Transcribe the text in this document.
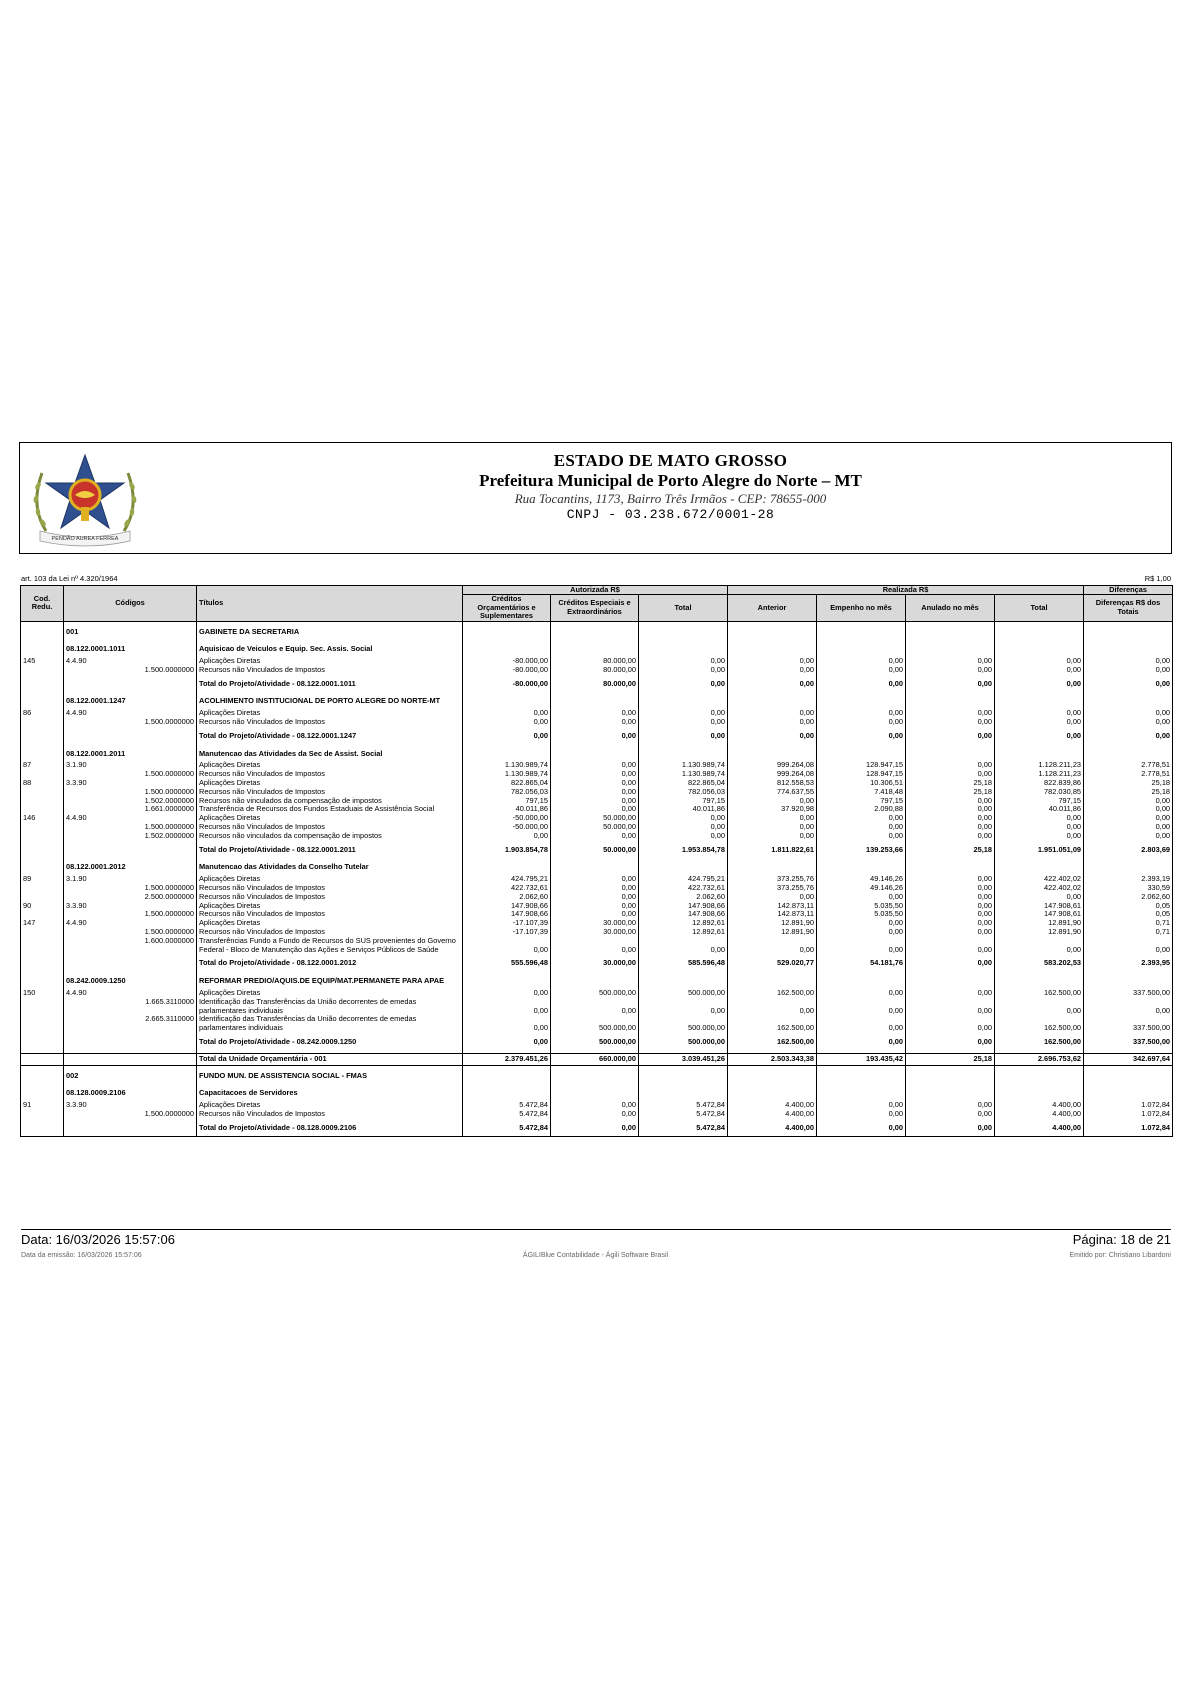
PENDÃO AUREA FERREA
ESTADO DE MATO GROSSO
Prefeitura Municipal de Porto Alegre do Norte – MT
Rua Tocantins, 1173, Bairro Três Irmãos - CEP: 78655-000
CNPJ - 03.238.672/0001-28
art. 103 da Lei nº 4.320/1964	R$ 1,00
Cod. Redu.	Códigos	Títulos	Autorizada R$			Realizada R$				Diferenças
			Créditos Orçamentários e Suplementares	Créditos Especiais e Extraordinários	Total	Anterior	Empenho no mês	Anulado no mês	Total	Diferenças R$ dos Totais

	001	GABINETE DA SECRETARIA								

	08.122.0001.1011	Aquisicao de Veiculos e Equip. Sec. Assis. Social								
145	4.4.90	Aplicações Diretas	-80.000,00	80.000,00	0,00	0,00	0,00	0,00	0,00	0,00
	1.500.0000000	Recursos não Vinculados de Impostos	-80.000,00	80.000,00	0,00	0,00	0,00	0,00	0,00	0,00

		Total do Projeto/Atividade - 08.122.0001.1011	-80.000,00	80.000,00	0,00	0,00	0,00	0,00	0,00	0,00

	08.122.0001.1247	ACOLHIMENTO INSTITUCIONAL DE PORTO ALEGRE DO NORTE-MT								
86	4.4.90	Aplicações Diretas	0,00	0,00	0,00	0,00	0,00	0,00	0,00	0,00
	1.500.0000000	Recursos não Vinculados de Impostos	0,00	0,00	0,00	0,00	0,00	0,00	0,00	0,00

		Total do Projeto/Atividade - 08.122.0001.1247	0,00	0,00	0,00	0,00	0,00	0,00	0,00	0,00

	08.122.0001.2011	Manutencao das Atividades da Sec de Assist. Social								
87	3.1.90	Aplicações Diretas	1.130.989,74	0,00	1.130.989,74	999.264,08	128.947,15	0,00	1.128.211,23	2.778,51
	1.500.0000000	Recursos não Vinculados de Impostos	1.130.989,74	0,00	1.130.989,74	999.264,08	128.947,15	0,00	1.128.211,23	2.778,51
88	3.3.90	Aplicações Diretas	822.865,04	0,00	822.865,04	812.558,53	10.306,51	25,18	822.839,86	25,18
	1.500.0000000	Recursos não Vinculados de Impostos	782.056,03	0,00	782.056,03	774.637,55	7.418,48	25,18	782.030,85	25,18
	1.502.0000000	Recursos não vinculados da compensação de impostos	797,15	0,00	797,15	0,00	797,15	0,00	797,15	0,00
	1.661.0000000	Transferência de Recursos dos Fundos Estaduais de Assistência Social	40.011,86	0,00	40.011,86	37.920,98	2.090,88	0,00	40.011,86	0,00
146	4.4.90	Aplicações Diretas	-50.000,00	50.000,00	0,00	0,00	0,00	0,00	0,00	0,00
	1.500.0000000	Recursos não Vinculados de Impostos	-50.000,00	50.000,00	0,00	0,00	0,00	0,00	0,00	0,00
	1.502.0000000	Recursos não vinculados da compensação de impostos	0,00	0,00	0,00	0,00	0,00	0,00	0,00	0,00

		Total do Projeto/Atividade - 08.122.0001.2011	1.903.854,78	50.000,00	1.953.854,78	1.811.822,61	139.253,66	25,18	1.951.051,09	2.803,69

	08.122.0001.2012	Manutencao das Atividades da Conselho Tutelar								
89	3.1.90	Aplicações Diretas	424.795,21	0,00	424.795,21	373.255,76	49.146,26	0,00	422.402,02	2.393,19
	1.500.0000000	Recursos não Vinculados de Impostos	422.732,61	0,00	422.732,61	373.255,76	49.146,26	0,00	422.402,02	330,59
	2.500.0000000	Recursos não Vinculados de Impostos	2.062,60	0,00	2.062,60	0,00	0,00	0,00	0,00	2.062,60
90	3.3.90	Aplicações Diretas	147.908,66	0,00	147.908,66	142.873,11	5.035,50	0,00	147.908,61	0,05
	1.500.0000000	Recursos não Vinculados de Impostos	147.908,66	0,00	147.908,66	142.873,11	5.035,50	0,00	147.908,61	0,05
147	4.4.90	Aplicações Diretas	-17.107,39	30.000,00	12.892,61	12.891,90	0,00	0,00	12.891,90	0,71
	1.500.0000000	Recursos não Vinculados de Impostos	-17.107,39	30.000,00	12.892,61	12.891,90	0,00	0,00	12.891,90	0,71
	1.600.0000000	Transferências Fundo a Fundo de Recursos do SUS provenientes do Governo Federal - Bloco de Manutenção das Ações e Serviços Públicos de Saúde	0,00	0,00	0,00	0,00	0,00	0,00	0,00	0,00

		Total do Projeto/Atividade - 08.122.0001.2012	555.596,48	30.000,00	585.596,48	529.020,77	54.181,76	0,00	583.202,53	2.393,95

	08.242.0009.1250	REFORMAR PREDIO/AQUIS.DE EQUIP/MAT.PERMANETE PARA APAE								
150	4.4.90	Aplicações Diretas	0,00	500.000,00	500.000,00	162.500,00	0,00	0,00	162.500,00	337.500,00
	1.665.3110000	Identificação das Transferências da União decorrentes de emedas parlamentares individuais	0,00	0,00	0,00	0,00	0,00	0,00	0,00	0,00
	2.665.3110000	Identificação das Transferências da União decorrentes de emedas parlamentares individuais	0,00	500.000,00	500.000,00	162.500,00	0,00	0,00	162.500,00	337.500,00

		Total do Projeto/Atividade - 08.242.0009.1250	0,00	500.000,00	500.000,00	162.500,00	0,00	0,00	162.500,00	337.500,00

		Total da Unidade Orçamentária - 001	2.379.451,26	660.000,00	3.039.451,26	2.503.343,38	193.435,42	25,18	2.696.753,62	342.697,64

	002	FUNDO MUN. DE ASSISTENCIA SOCIAL - FMAS								

	08.128.0009.2106	Capacitacoes de Servidores								
91	3.3.90	Aplicações Diretas	5.472,84	0,00	5.472,84	4.400,00	0,00	0,00	4.400,00	1.072,84
	1.500.0000000	Recursos não Vinculados de Impostos	5.472,84	0,00	5.472,84	4.400,00	0,00	0,00	4.400,00	1.072,84

		Total do Projeto/Atividade - 08.128.0009.2106	5.472,84	0,00	5.472,84	4.400,00	0,00	0,00	4.400,00	1.072,84
Data: 16/03/2026 15:57:06	Página: 18 de 21
Data da emissão: 16/03/2026 15:57:06	ÁGILIBlue Contabilidade - Ágili Software Brasil	Emitido por: Christiano Libardoni
